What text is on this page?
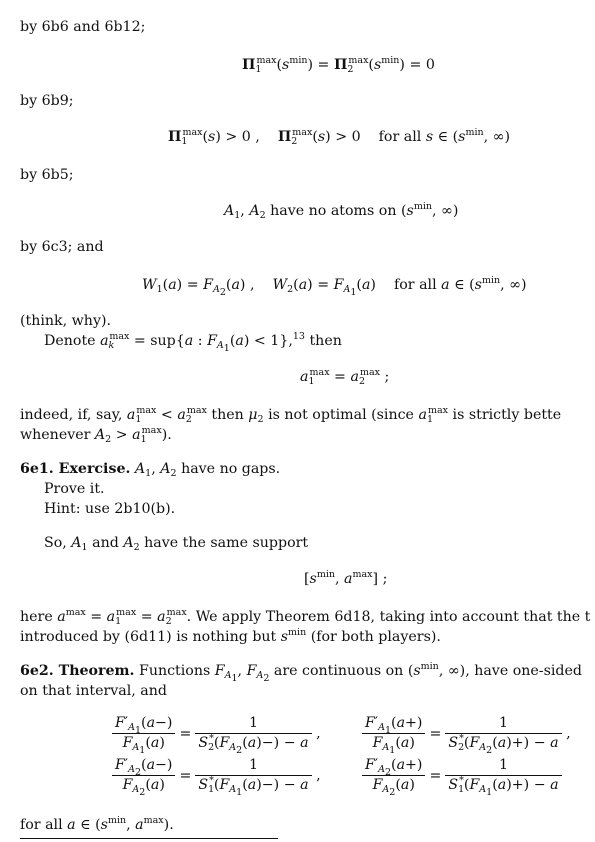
by 6b6 and 6b12;
$\Pi_1^{max}(s^{min}) = \Pi_2^{max}(s^{min}) = 0$
by 6b9;
$\Pi_1^{max}(s) > 0$ ,    $\Pi_2^{max}(s) > 0$    for all s ∈ ($s^{min}$, ∞)
by 6b5;
$A_1$, $A_2$ have no atoms on ($s^{min}$, ∞)
by 6c3; and
$W_1(a) = F_{A_2}(a)$ ,    $W_2(a) = F_{A_1}(a)$    for all a ∈ ($s^{min}$, ∞)
(think, why).
Denote $a_k^{max} = sup\{a$ : $F_{A_1}(a) < 1\},^{13}$ then
$a_1^{max} = a_2^{max}$ ;
indeed, if, say, $a_1^{max} < a_2^{max}$ then $\mu_2$ is not optimal (since $a_1^{max}$ is strictly bette
whenever $A_2 > a_1^{max}$).
6e1. Exercise. $A_1$, $A_2$ have no gaps.
Prove it.
Hint: use 2b10(b).
So, $A_1$ and $A_2$ have the same support
[$s^{min}$, $a^{max}$] ;
here $a^{max} = a_1^{max} = a_2^{max}$. We apply Theorem 6d18, taking into account that the t
introduced by (6d11) is nothing but $s^{min}$ (for both players).
6e2. Theorem. Functions $F_{A_1}$, $F_{A_2}$ are continuous on ($s^{min}$, ∞), have one-sided
on that interval, and
$\frac{F'_{A_1}(a-)}{F_{A_1}(a)} = \frac{1}{S_2^*(F_{A_2}(a)-) - a}$ ,	$\frac{F'_{A_1}(a+)}{F_{A_1}(a)} = \frac{1}{S_2^*(F_{A_2}(a)+) - a}$ ,
$\frac{F'_{A_2}(a-)}{F_{A_2}(a)} = \frac{1}{S_1^*(F_{A_1}(a)-) - a}$ ,	$\frac{F'_{A_2}(a+)}{F_{A_2}(a)} = \frac{1}{S_1^*(F_{A_1}(a)+) - a}$
for all a ∈ ($s^{min}$, $a^{max}$).
